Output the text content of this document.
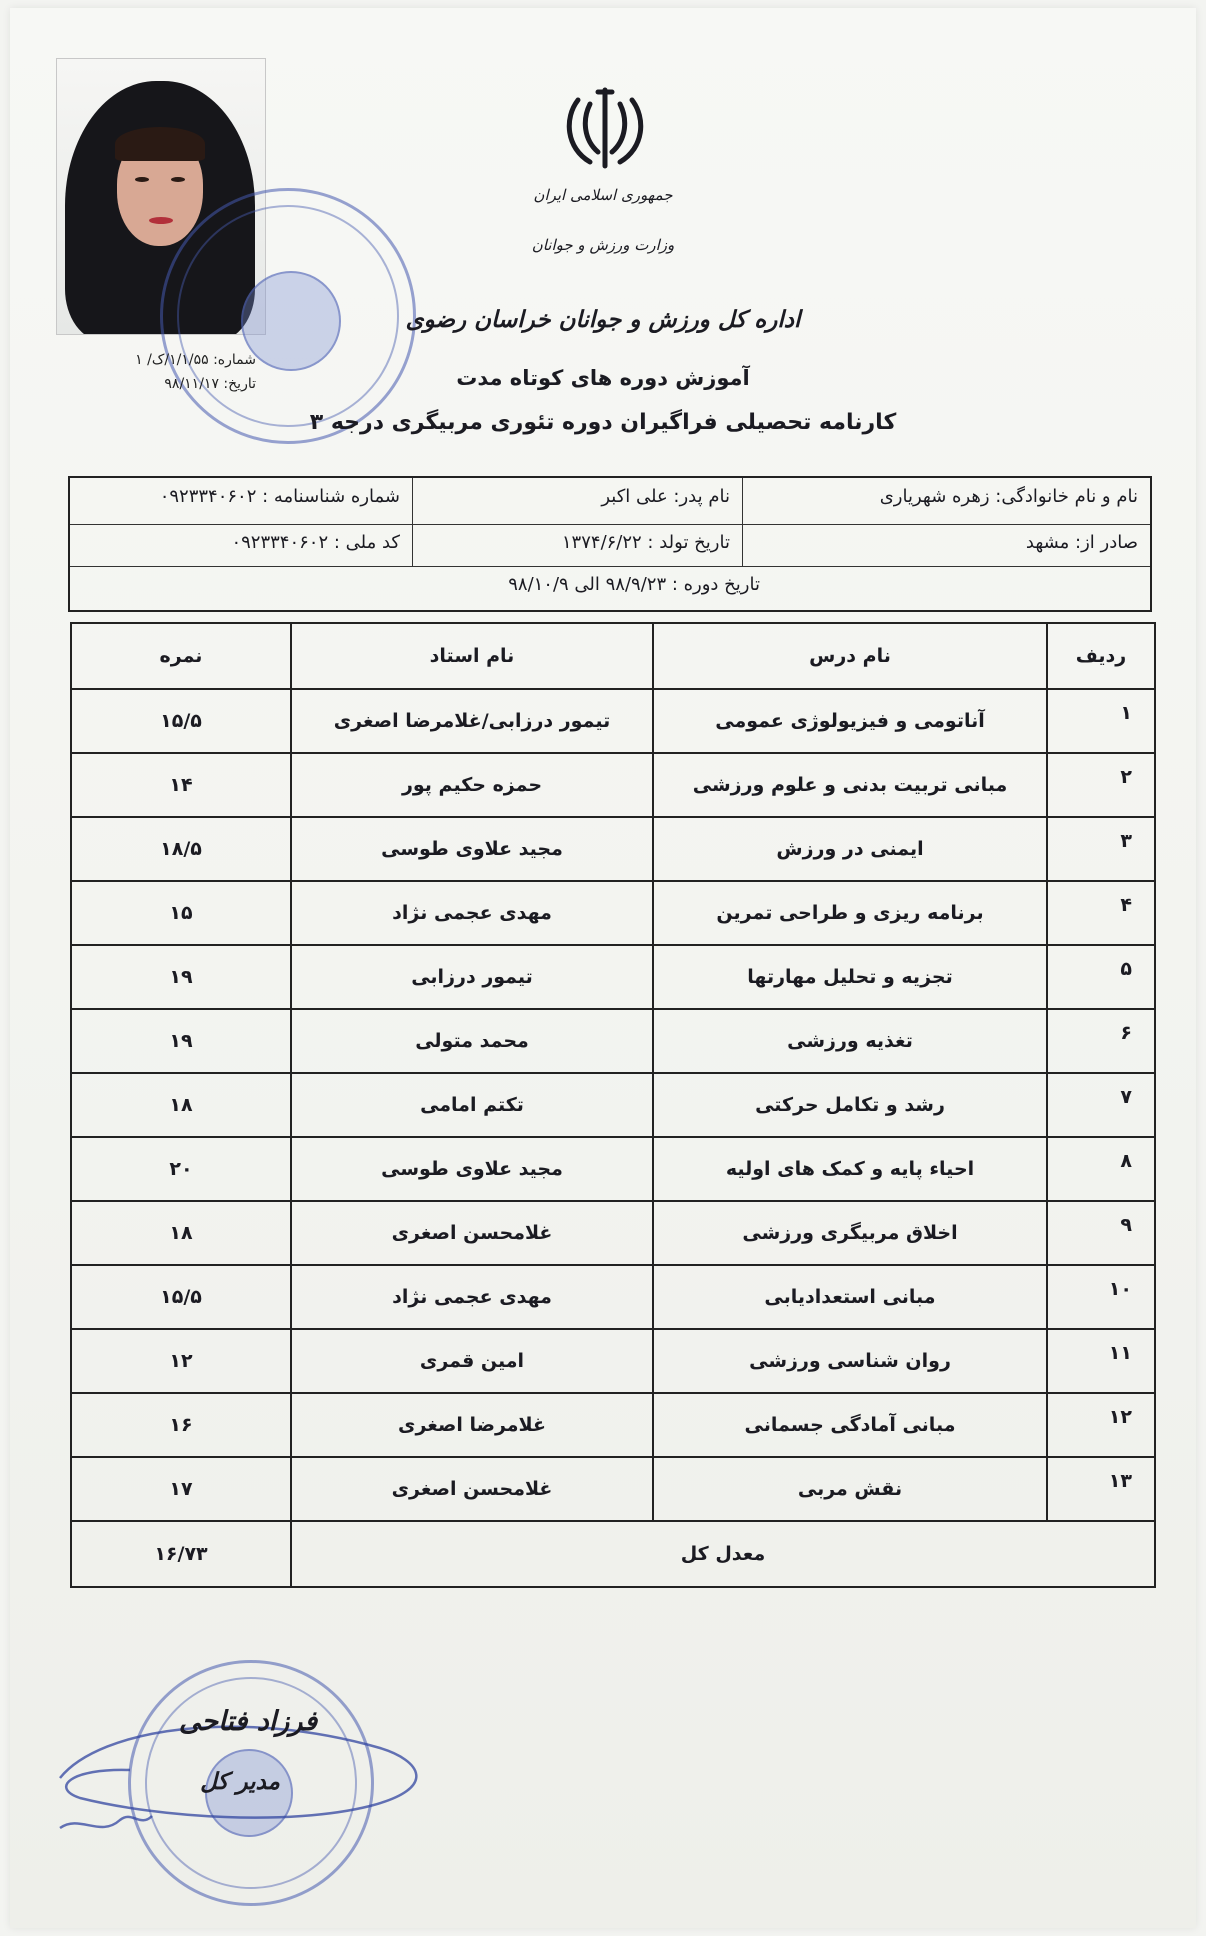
شماره: ۱/۱/۵۵/ک/ ۱
تاریخ: ۹۸/۱۱/۱۷
جمهوری اسلامی ایران
وزارت ورزش و جوانان
اداره کل ورزش و جوانان خراسان رضوی
آموزش دوره های کوتاه مدت
کارنامه تحصیلی فراگیران دوره تئوری مربیگری درجه ۳
نام و نام خانوادگی: زهره شهریاری
نام پدر: علی اکبر
شماره شناسنامه : ۰۹۲۳۳۴۰۶۰۲
صادر از: مشهد
تاریخ تولد : ۱۳۷۴/۶/۲۲
کد ملی : ۰۹۲۳۳۴۰۶۰۲
تاریخ دوره : ۹۸/۹/۲۳ الی ۹۸/۱۰/۹
ردیف	نام درس	نام استاد	نمره
۱	آناتومی و فیزیولوژی عمومی	تیمور درزابی/غلامرضا اصغری	۱۵/۵
۲	مبانی تربیت بدنی و علوم ورزشی	حمزه حکیم پور	۱۴
۳	ایمنی در ورزش	مجید علاوی طوسی	۱۸/۵
۴	برنامه ریزی و طراحی تمرین	مهدی عجمی نژاد	۱۵
۵	تجزیه و تحلیل مهارتها	تیمور درزابی	۱۹
۶	تغذیه ورزشی	محمد متولی	۱۹
۷	رشد و تکامل حرکتی	تکتم امامی	۱۸
۸	احیاء پایه و کمک های اولیه	مجید علاوی طوسی	۲۰
۹	اخلاق مربیگری ورزشی	غلامحسن اصغری	۱۸
۱۰	مبانی استعدادیابی	مهدی عجمی نژاد	۱۵/۵
۱۱	روان شناسی ورزشی	امین قمری	۱۲
۱۲	مبانی آمادگی جسمانی	غلامرضا اصغری	۱۶
۱۳	نقش مربی	غلامحسن اصغری	۱۷
معدل کل			۱۶/۷۳
فرزاد فتاحی
مدیر کل
